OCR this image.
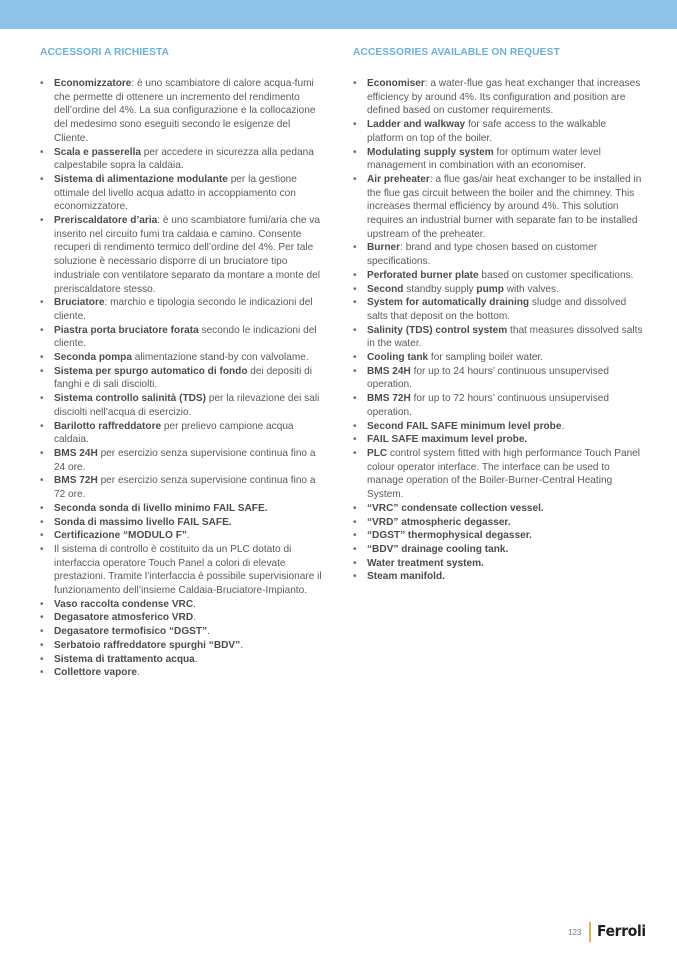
ACCESSORI A RICHIESTA
• Economizzatore: è uno scambiatore di calore acqua-fumi che permette di ottenere un incremento del rendimento dell’ordine del 4%. La sua configurazione e la collocazione del medesimo sono eseguiti secondo le esigenze del Cliente.
• Scala e passerella per accedere in sicurezza alla pedana calpestabile sopra la caldaia.
• Sistema di alimentazione modulante per la gestione ottimale del livello acqua adatto in accoppiamento con economizzatore.
• Preriscaldatore d’aria: è uno scambiatore fumi/aria che va inserito nel circuito fumi tra caldaia e camino. Consente recuperi di rendimento termico dell’ordine del 4%. Per tale soluzione è necessario disporre di un bruciatore tipo industriale con ventilatore separato da montare a monte del preriscaldatore stesso.
• Bruciatore: marchio e tipologia secondo le indicazioni del cliente.
• Piastra porta bruciatore forata secondo le indicazioni del cliente.
• Seconda pompa alimentazione stand-by con valvolame.
• Sistema per spurgo automatico di fondo dei depositi di fanghi e di sali disciolti.
• Sistema controllo salinità (TDS) per la rilevazione dei sali disciolti nell’acqua di esercizio.
• Barilotto raffreddatore per prelievo campione acqua caldaia.
• BMS 24H per esercizio senza supervisione continua fino a 24 ore.
• BMS 72H per esercizio senza supervisione continua fino a 72 ore.
• Seconda sonda di livello minimo FAIL SAFE.
• Sonda di massimo livello FAIL SAFE.
• Certificazione “MODULO F”.
• Il sistema di controllo è costituito da un PLC dotato di interfaccia operatore Touch Panel a colori di elevate prestazioni. Tramite l’interfaccia è possibile supervisionare il funzionamento dell’insieme Caldaia-Bruciatore-Impianto.
• Vaso raccolta condense VRC.
• Degasatore atmosferico VRD.
• Degasatore termofisico “DGST”.
• Serbatoio raffreddatore spurghi “BDV”.
• Sistema di trattamento acqua.
• Collettore vapore.
ACCESSORIES AVAILABLE ON REQUEST
• Economiser: a water-flue gas heat exchanger that increases efficiency by around 4%. Its configuration and position are defined based on customer requirements.
• Ladder and walkway for safe access to the walkable platform on top of the boiler.
• Modulating supply system for optimum water level management in combination with an economiser.
• Air preheater: a flue gas/air heat exchanger to be installed in the flue gas circuit between the boiler and the chimney. This increases thermal efficiency by around 4%. This solution requires an industrial burner with separate fan to be installed upstream of the preheater.
• Burner: brand and type chosen based on customer specifications.
• Perforated burner plate based on customer specifications.
• Second standby supply pump with valves.
• System for automatically draining sludge and dissolved salts that deposit on the bottom.
• Salinity (TDS) control system that measures dissolved salts in the water.
• Cooling tank for sampling boiler water.
• BMS 24H for up to 24 hours’ continuous unsupervised operation.
• BMS 72H for up to 72 hours’ continuous unsupervised operation.
• Second FAIL SAFE minimum level probe.
• FAIL SAFE maximum level probe.
• PLC control system fitted with high performance Touch Panel colour operator interface. The interface can be used to manage operation of the Boiler-Burner-Central Heating System.
• “VRC” condensate collection vessel.
• “VRD” atmospheric degasser.
• “DGST” thermophysical degasser.
• “BDV” drainage cooling tank.
• Water treatment system.
• Steam manifold.
123 Ferroli
